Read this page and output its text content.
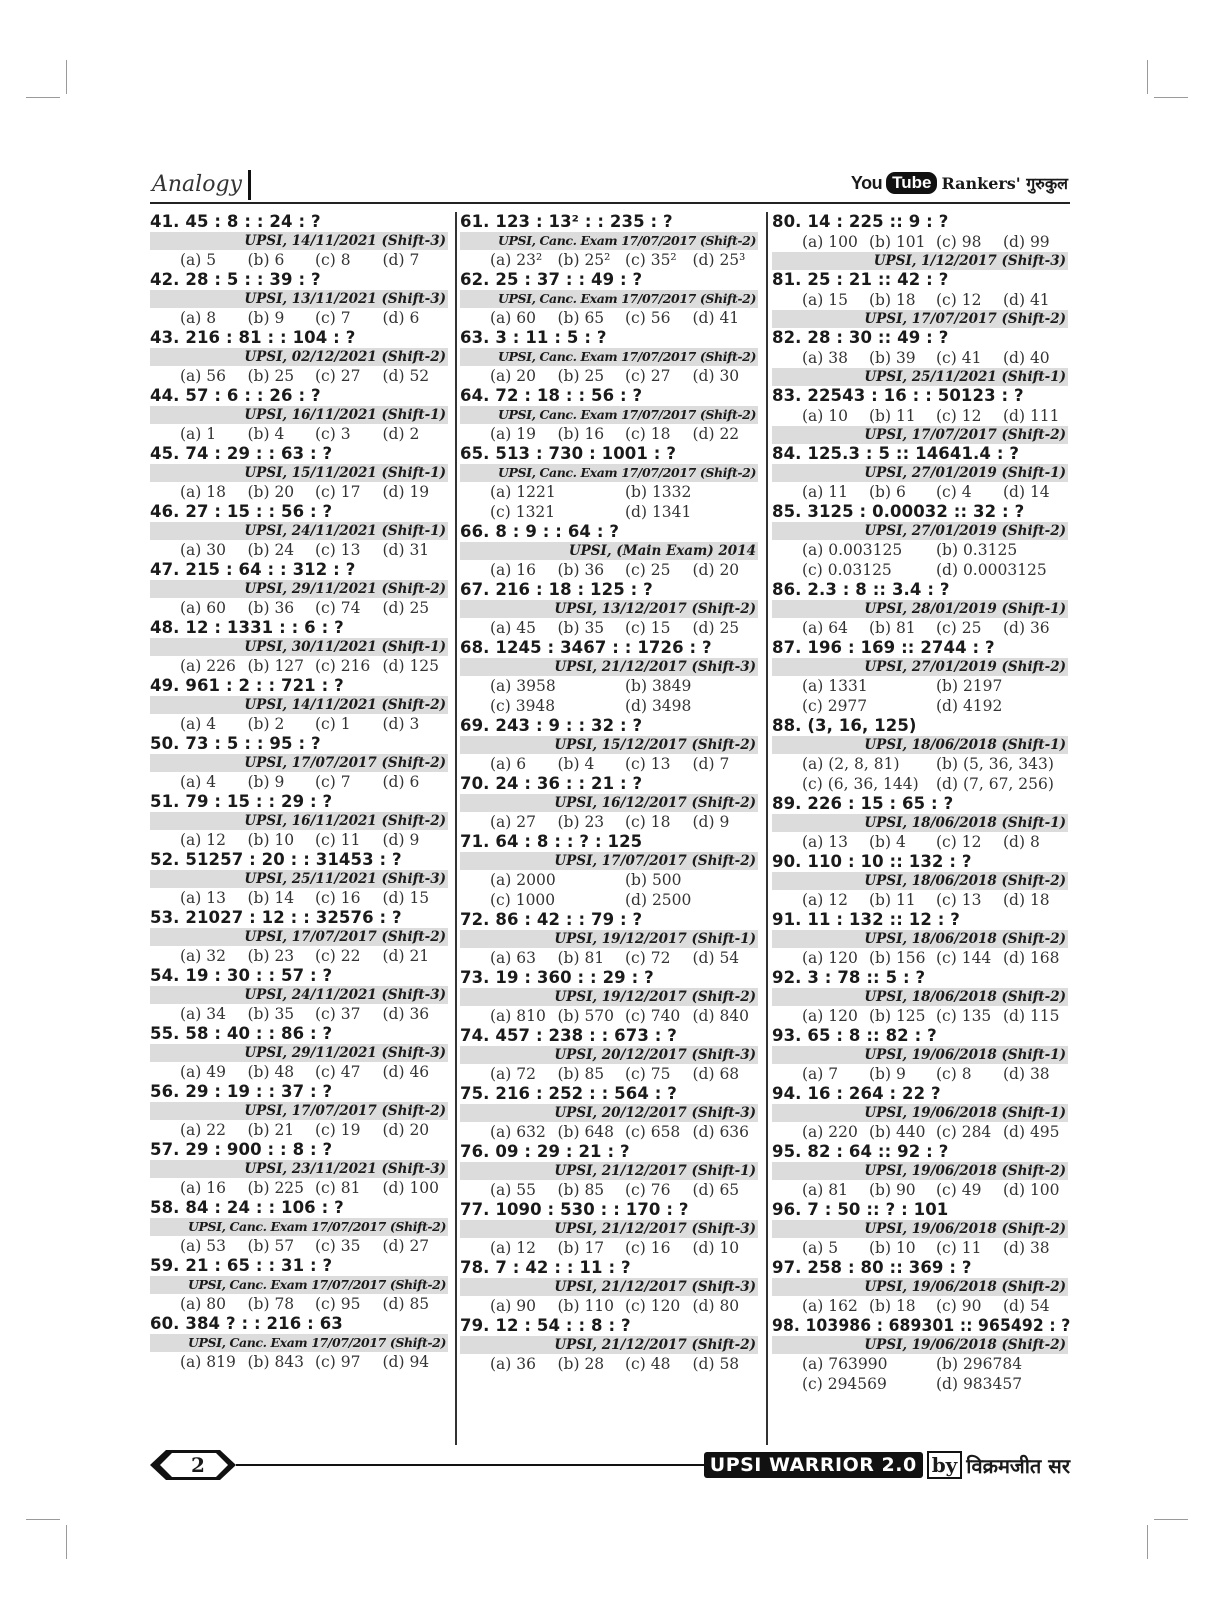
Analogy	You Tube Rankers' गुरुकुल
41. 45 : 8 : : 24 : ?
UPSI, 14/11/2021 (Shift-3)
(a) 5	(b) 6	(c) 8	(d) 7
42. 28 : 5 : : 39 : ?
UPSI, 13/11/2021 (Shift-3)
(a) 8	(b) 9	(c) 7	(d) 6
43. 216 : 81 : : 104 : ?
UPSI, 02/12/2021 (Shift-2)
(a) 56	(b) 25	(c) 27	(d) 52
44. 57 : 6 : : 26 : ?
UPSI, 16/11/2021 (Shift-1)
(a) 1	(b) 4	(c) 3	(d) 2
45. 74 : 29 : : 63 : ?
UPSI, 15/11/2021 (Shift-1)
(a) 18	(b) 20	(c) 17	(d) 19
46. 27 : 15 : : 56 : ?
UPSI, 24/11/2021 (Shift-1)
(a) 30	(b) 24	(c) 13	(d) 31
47. 215 : 64 : : 312 : ?
UPSI, 29/11/2021 (Shift-2)
(a) 60	(b) 36	(c) 74	(d) 25
48. 12 : 1331 : : 6 : ?
UPSI, 30/11/2021 (Shift-1)
(a) 226 (b) 127 (c) 216 (d) 125
49. 961 : 2 : : 721 : ?
UPSI, 14/11/2021 (Shift-2)
(a) 4	(b) 2	(c) 1	(d) 3
50. 73 : 5 : : 95 : ?
UPSI, 17/07/2017 (Shift-2)
(a) 4	(b) 9	(c) 7	(d) 6
51. 79 : 15 : : 29 : ?
UPSI, 16/11/2021 (Shift-2)
(a) 12	(b) 10	(c) 11	(d) 9
52. 51257 : 20 : : 31453 : ?
UPSI, 25/11/2021 (Shift-3)
(a) 13	(b) 14	(c) 16	(d) 15
53. 21027 : 12 : : 32576 : ?
UPSI, 17/07/2017 (Shift-2)
(a) 32	(b) 23	(c) 22	(d) 21
54. 19 : 30 : : 57 : ?
UPSI, 24/11/2021 (Shift-3)
(a) 34	(b) 35	(c) 37	(d) 36
55. 58 : 40 : : 86 : ?
UPSI, 29/11/2021 (Shift-3)
(a) 49	(b) 48	(c) 47	(d) 46
56. 29 : 19 : : 37 : ?
UPSI, 17/07/2017 (Shift-2)
(a) 22	(b) 21	(c) 19	(d) 20
57. 29 : 900 : : 8 : ?
UPSI, 23/11/2021 (Shift-3)
(a) 16	(b) 225 (c) 81	(d) 100
58. 84 : 24 : : 106 : ?
UPSI, Canc. Exam 17/07/2017 (Shift-2)
(a) 53	(b) 57	(c) 35	(d) 27
59. 21 : 65 : : 31 : ?
UPSI, Canc. Exam 17/07/2017 (Shift-2)
(a) 80	(b) 78	(c) 95	(d) 85
60. 384 ? : : 216 : 63
UPSI, Canc. Exam 17/07/2017 (Shift-2)
(a) 819 (b) 843 (c) 97	(d) 94
61. 123 : 13² : : 235 : ?
UPSI, Canc. Exam 17/07/2017 (Shift-2)
(a) 23² (b) 25² (c) 35²	(d) 25³
62. 25 : 37 : : 49 : ?
UPSI, Canc. Exam 17/07/2017 (Shift-2)
(a) 60	(b) 65	(c) 56	(d) 41
63. 3 : 11 : 5 : ?
UPSI, Canc. Exam 17/07/2017 (Shift-2)
(a) 20	(b) 25	(c) 27	(d) 30
64. 72 : 18 : : 56 : ?
UPSI, Canc. Exam 17/07/2017 (Shift-2)
(a) 19	(b) 16	(c) 18	(d) 22
65. 513 : 730 : 1001 : ?
UPSI, Canc. Exam 17/07/2017 (Shift-2)
(a) 1221	(b) 1332
(c) 1321	(d) 1341
66. 8 : 9 : : 64 : ?
UPSI, (Main Exam) 2014
(a) 16	(b) 36	(c) 25	(d) 20
67. 216 : 18 : 125 : ?
UPSI, 13/12/2017 (Shift-2)
(a) 45	(b) 35	(c) 15	(d) 25
68. 1245 : 3467 : : 1726 : ?
UPSI, 21/12/2017 (Shift-3)
(a) 3958	(b) 3849
(c) 3948	(d) 3498
69. 243 : 9 : : 32 : ?
UPSI, 15/12/2017 (Shift-2)
(a) 6	(b) 4	(c) 13	(d) 7
70. 24 : 36 : : 21 : ?
UPSI, 16/12/2017 (Shift-2)
(a) 27	(b) 23	(c) 18	(d) 9
71. 64 : 8 : : ? : 125
UPSI, 17/07/2017 (Shift-2)
(a) 2000	(b) 500
(c) 1000	(d) 2500
72. 86 : 42 : : 79 : ?
UPSI, 19/12/2017 (Shift-1)
(a) 63	(b) 81	(c) 72	(d) 54
73. 19 : 360 : : 29 : ?
UPSI, 19/12/2017 (Shift-2)
(a) 810 (b) 570 (c) 740 (d) 840
74. 457 : 238 : : 673 : ?
UPSI, 20/12/2017 (Shift-3)
(a) 72	(b) 85	(c) 75	(d) 68
75. 216 : 252 : : 564 : ?
UPSI, 20/12/2017 (Shift-3)
(a) 632 (b) 648 (c) 658 (d) 636
76. 09 : 29 : 21 : ?
UPSI, 21/12/2017 (Shift-1)
(a) 55	(b) 85	(c) 76	(d) 65
77. 1090 : 530 : : 170 : ?
UPSI, 21/12/2017 (Shift-3)
(a) 12	(b) 17	(c) 16	(d) 10
78. 7 : 42 : : 11 : ?
UPSI, 21/12/2017 (Shift-3)
(a) 90	(b) 110 (c) 120 (d) 80
79. 12 : 54 : : 8 : ?
UPSI, 21/12/2017 (Shift-2)
(a) 36	(b) 28	(c) 48	(d) 58
80. 14 : 225 :: 9 : ?
(a) 100 (b) 101 (c) 98	(d) 99
UPSI, 1/12/2017 (Shift-3)
81. 25 : 21 :: 42 : ?
(a) 15	(b) 18	(c) 12	(d) 41
UPSI, 17/07/2017 (Shift-2)
82. 28 : 30 :: 49 : ?
(a) 38	(b) 39	(c) 41	(d) 40
UPSI, 25/11/2021 (Shift-1)
83. 22543 : 16 : : 50123 : ?
(a) 10	(b) 11	(c) 12	(d) 111
UPSI, 17/07/2017 (Shift-2)
84. 125.3 : 5 :: 14641.4 : ?
UPSI, 27/01/2019 (Shift-1)
(a) 11	(b) 6	(c) 4	(d) 14
85. 3125 : 0.00032 :: 32 : ?
UPSI, 27/01/2019 (Shift-2)
(a) 0.003125	(b) 0.3125
(c) 0.03125	(d) 0.0003125
86. 2.3 : 8 :: 3.4 : ?
UPSI, 28/01/2019 (Shift-1)
(a) 64	(b) 81	(c) 25	(d) 36
87. 196 : 169 :: 2744 : ?
UPSI, 27/01/2019 (Shift-2)
(a) 1331	(b) 2197
(c) 2977	(d) 4192
88. (3, 16, 125)
UPSI, 18/06/2018 (Shift-1)
(a) (2, 8, 81)	(b) (5, 36, 343)
(c) (6, 36, 144)	(d) (7, 67, 256)
89. 226 : 15 : 65 : ?
UPSI, 18/06/2018 (Shift-1)
(a) 13	(b) 4	(c) 12	(d) 8
90. 110 : 10 :: 132 : ?
UPSI, 18/06/2018 (Shift-2)
(a) 12	(b) 11	(c) 13	(d) 18
91. 11 : 132 :: 12 : ?
UPSI, 18/06/2018 (Shift-2)
(a) 120 (b) 156 (c) 144 (d) 168
92. 3 : 78 :: 5 : ?
UPSI, 18/06/2018 (Shift-2)
(a) 120 (b) 125 (c) 135 (d) 115
93. 65 : 8 :: 82 : ?
UPSI, 19/06/2018 (Shift-1)
(a) 7	(b) 9	(c) 8	(d) 38
94. 16 : 264 : 22 ?
UPSI, 19/06/2018 (Shift-1)
(a) 220 (b) 440 (c) 284 (d) 495
95. 82 : 64 :: 92 : ?
UPSI, 19/06/2018 (Shift-2)
(a) 81	(b) 90	(c) 49	(d) 100
96. 7 : 50 :: ? : 101
UPSI, 19/06/2018 (Shift-2)
(a) 5	(b) 10	(c) 11	(d) 38
97. 258 : 80 :: 369 : ?
UPSI, 19/06/2018 (Shift-2)
(a) 162 (b) 18	(c) 90	(d) 54
98. 103986 : 689301 :: 965492 : ?
UPSI, 19/06/2018 (Shift-2)
(a) 763990	(b) 296784
(c) 294569	(d) 983457
2	UPSI WARRIOR 2.0 by विक्रमजीत सर
